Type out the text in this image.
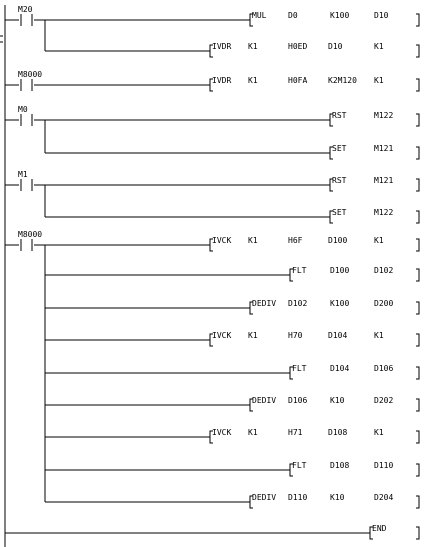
M20
MUL	D0	K100	D10
IVDR K1	H0ED	D10	K1
M8000
IVDR K1	H0FA	K2M120 K1
M0
RST	M122
SET	M121
M1
RST	M121
SET	M122
M8000
IVCK K1	H6F	D100	K1
FLT	D100	D102
DEDIV D102	K100	D200
IVCK K1	H70	D104	K1
FLT	D104	D106
DEDIV D106	K10	D202
IVCK K1	H71	D108	K1
FLT	D108	D110
DEDIV D110	K10	D204
END
